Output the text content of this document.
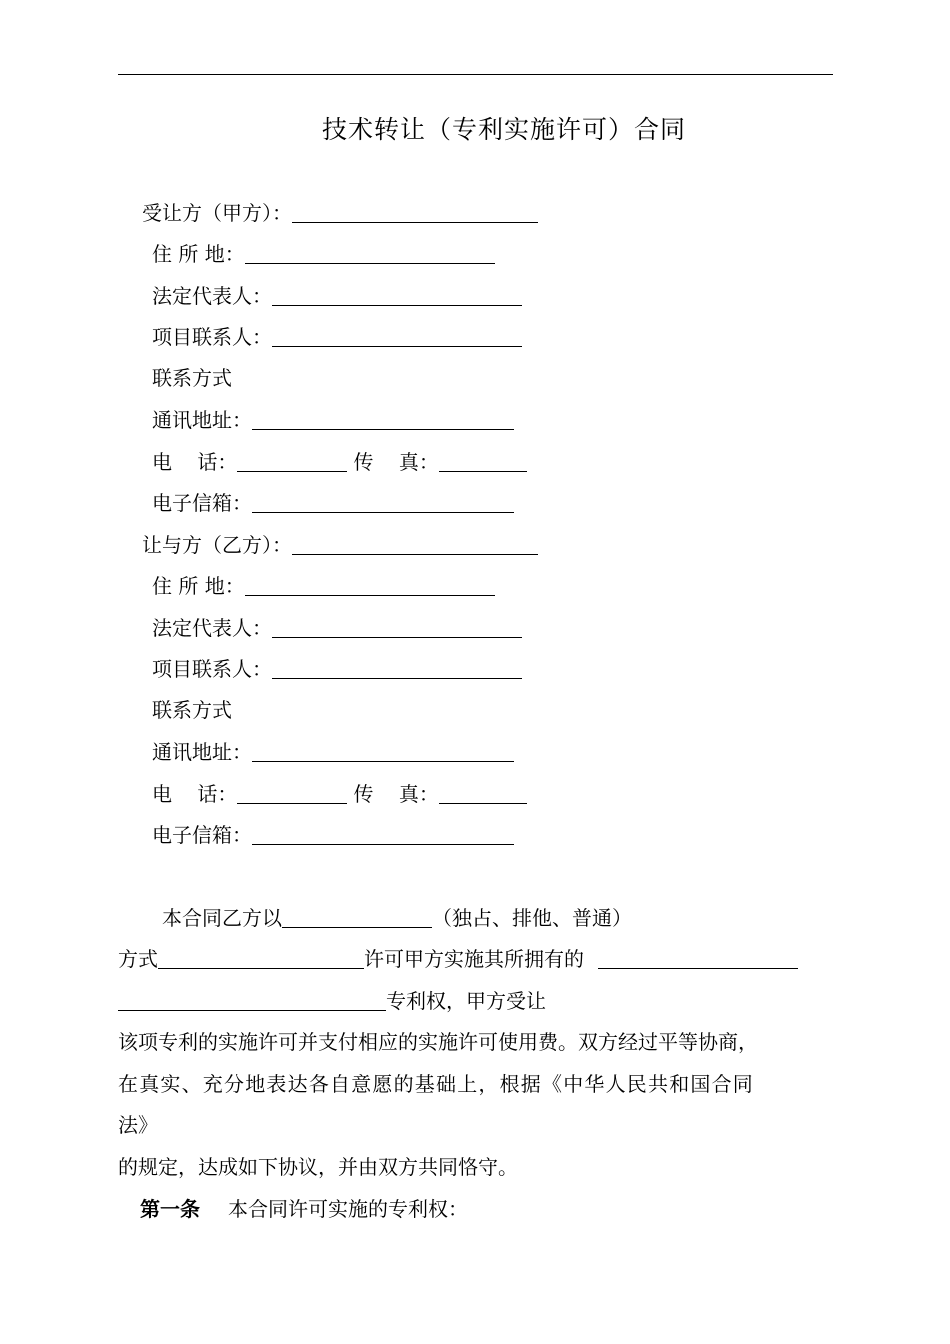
技术转让（专利实施许可）合同
受让方（甲方）：
住 所 地：
法定代表人：
项目联系人：
联系方式
通讯地址：
电    话：	传    真：
电子信箱：
让与方（乙方）：
住 所 地：
法定代表人：
项目联系人：
联系方式
通讯地址：
电    话：	传    真：
电子信箱：
本合同乙方以	（独占、排他、普通）
方式	许可甲方实施其所拥有的
专利权，甲方受让
该项专利的实施许可并支付相应的实施许可使用费。双方经过平等协商，
在真实、充分地表达各自意愿的基础上，根据《中华人民共和国合同
法》
的规定，达成如下协议，并由双方共同恪守。
第一条 本合同许可实施的专利权：
